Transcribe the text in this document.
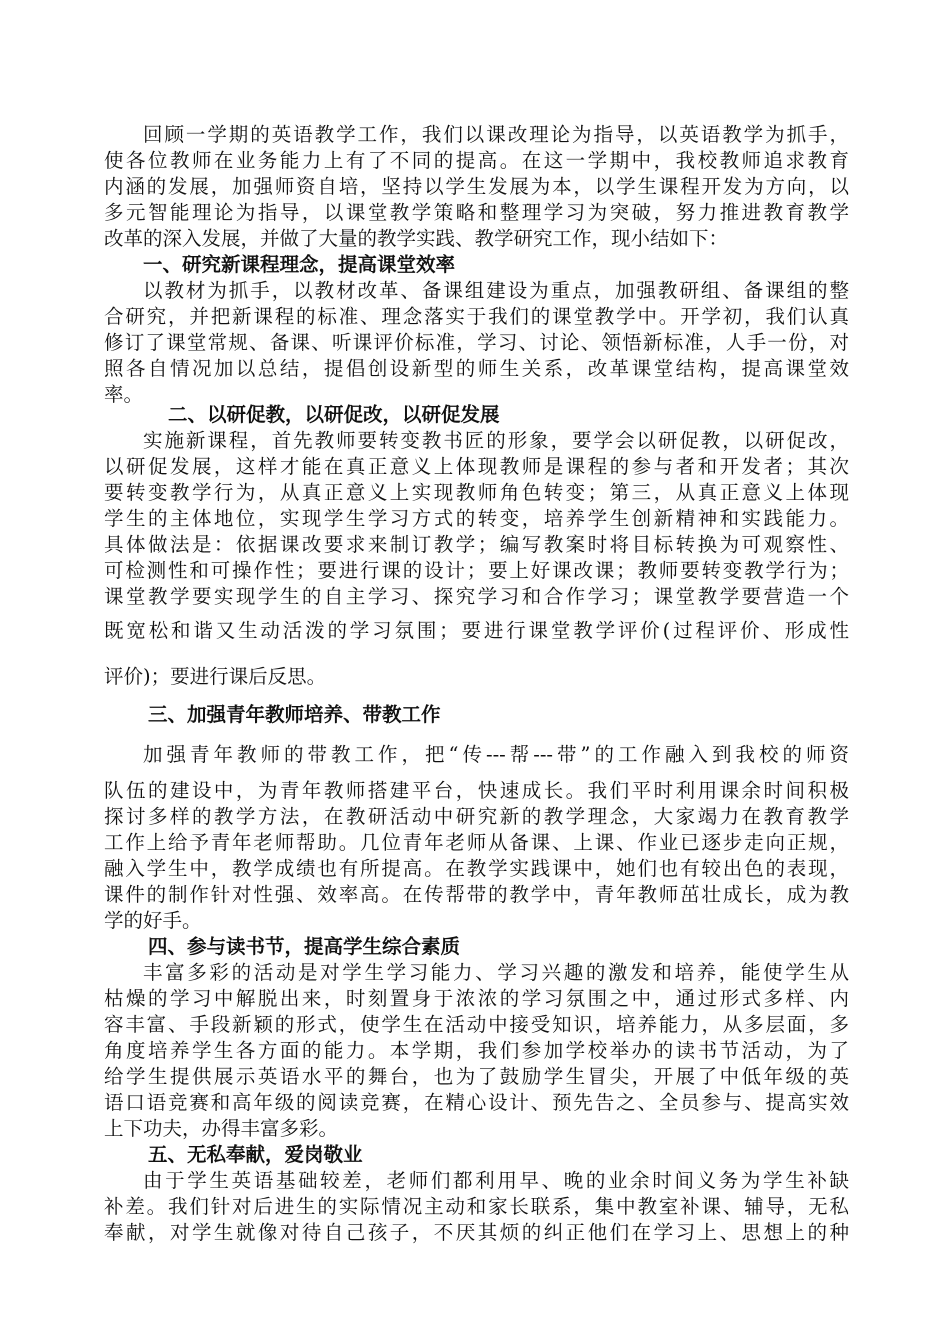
回顾一学期的英语教学工作，我们以课改理论为指导，以英语教学为抓手，

使各位教师在业务能力上有了不同的提高。在这一学期中，我校教师追求教育

内涵的发展，加强师资自培，坚持以学生发展为本，以学生课程开发为方向，以

多元智能理论为指导，以课堂教学策略和整理学习为突破，努力推进教育教学

改革的深入发展，并做了大量的教学实践、教学研究工作，现小结如下：

一、研究新课程理念，提高课堂效率

以教材为抓手，以教材改革、备课组建设为重点，加强教研组、备课组的整

合研究，并把新课程的标准、理念落实于我们的课堂教学中。开学初，我们认真

修订了课堂常规、备课、听课评价标准，学习、讨论、领悟新标准，人手一份，对

照各自情况加以总结，提倡创设新型的师生关系，改革课堂结构，提高课堂效

率。

二、以研促教，以研促改，以研促发展

实施新课程，首先教师要转变教书匠的形象，要学会以研促教，以研促改，

以研促发展，这样才能在真正意义上体现教师是课程的参与者和开发者；其次

要转变教学行为，从真正意义上实现教师角色转变；第三，从真正意义上体现

学生的主体地位，实现学生学习方式的转变，培养学生创新精神和实践能力。

具体做法是：依据课改要求来制订教学；编写教案时将目标转换为可观察性、

可检测性和可操作性；要进行课的设计；要上好课改课；教师要转变教学行为；

课堂教学要实现学生的自主学习、探究学习和合作学习；课堂教学要营造一个

既宽松和谐又生动活泼的学习氛围；要进行课堂教学评价(过程评价、形成性

评价)；要进行课后反思。

三、加强青年教师培养、带教工作

加强青年教师的带教工作，把“传---帮---带”的工作融入到我校的师资

队伍的建设中，为青年教师搭建平台，快速成长。我们平时利用课余时间积极

探讨多样的教学方法，在教研活动中研究新的教学理念，大家竭力在教育教学

工作上给予青年老师帮助。几位青年老师从备课、上课、作业已逐步走向正规，

融入学生中，教学成绩也有所提高。在教学实践课中，她们也有较出色的表现，

课件的制作针对性强、效率高。在传帮带的教学中，青年教师茁壮成长，成为教

学的好手。

四、参与读书节，提高学生综合素质

丰富多彩的活动是对学生学习能力、学习兴趣的激发和培养，能使学生从

枯燥的学习中解脱出来，时刻置身于浓浓的学习氛围之中，通过形式多样、内

容丰富、手段新颖的形式，使学生在活动中接受知识，培养能力，从多层面，多

角度培养学生各方面的能力。本学期，我们参加学校举办的读书节活动，为了

给学生提供展示英语水平的舞台，也为了鼓励学生冒尖，开展了中低年级的英

语口语竞赛和高年级的阅读竞赛，在精心设计、预先告之、全员参与、提高实效

上下功夫，办得丰富多彩。

五、无私奉献，爱岗敬业

由于学生英语基础较差，老师们都利用早、晚的业余时间义务为学生补缺

补差。我们针对后进生的实际情况主动和家长联系，集中教室补课、辅导，无私

奉献，对学生就像对待自己孩子，不厌其烦的纠正他们在学习上、思想上的种
